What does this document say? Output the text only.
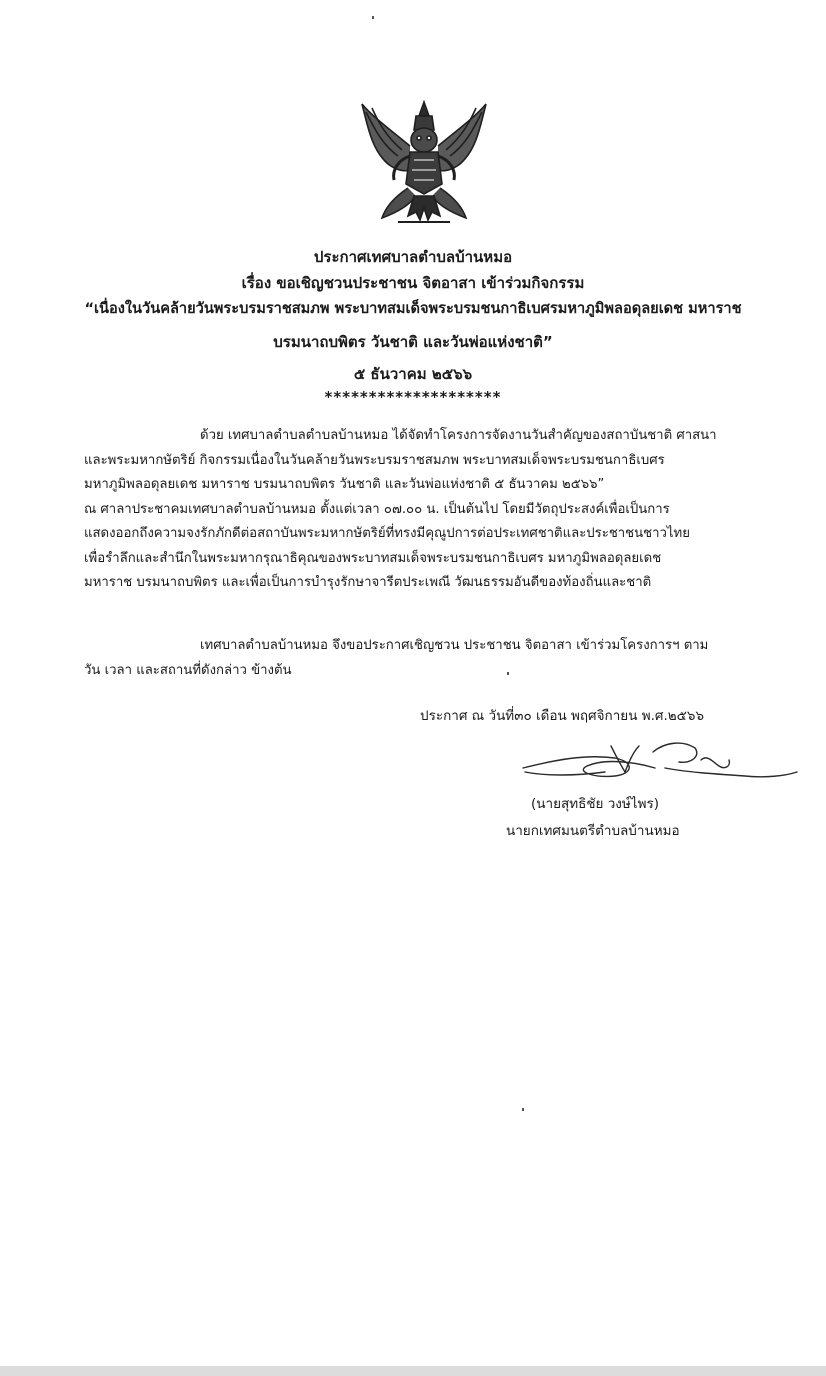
ประกาศเทศบาลตำบลบ้านหมอ
เรื่อง ขอเชิญชวนประชาชน จิตอาสา เข้าร่วมกิจกรรม
“เนื่องในวันคล้ายวันพระบรมราชสมภพ พระบาทสมเด็จพระบรมชนกาธิเบศรมหาภูมิพลอดุลยเดช มหาราช
บรมนาถบพิตร วันชาติ และวันพ่อแห่งชาติ”
๕ ธันวาคม ๒๕๖๖
********************
ด้วย เทศบาลตำบลตำบลบ้านหมอ ได้จัดทำโครงการจัดงานวันสำคัญของสถาบันชาติ ศาสนา
และพระมหากษัตริย์ กิจกรรมเนื่องในวันคล้ายวันพระบรมราชสมภพ พระบาทสมเด็จพระบรมชนกาธิเบศร
มหาภูมิพลอดุลยเดช มหาราช บรมนาถบพิตร วันชาติ และวันพ่อแห่งชาติ ๕ ธันวาคม ๒๕๖๖”
ณ ศาลาประชาคมเทศบาลตำบลบ้านหมอ ตั้งแต่เวลา ๐๗.๐๐ น. เป็นต้นไป โดยมีวัตถุประสงค์เพื่อเป็นการ
แสดงออกถึงความจงรักภักดีต่อสถาบันพระมหากษัตริย์ที่ทรงมีคุณูปการต่อประเทศชาติและประชาชนชาวไทย
เพื่อรำลึกและสำนึกในพระมหากรุณาธิคุณของพระบาทสมเด็จพระบรมชนกาธิเบศร มหาภูมิพลอดุลยเดช
มหาราช บรมนาถบพิตร และเพื่อเป็นการบำรุงรักษาจารีตประเพณี วัฒนธรรมอันดีของท้องถิ่นและชาติ
เทศบาลตำบลบ้านหมอ จึงขอประกาศเชิญชวน ประชาชน จิตอาสา เข้าร่วมโครงการฯ ตาม
วัน เวลา และสถานที่ดังกล่าว ข้างต้น
ประกาศ ณ วันที่๓๐ เดือน พฤศจิกายน พ.ศ.๒๕๖๖
(นายสุทธิชัย วงษ์ไพร)
นายกเทศมนตรีตำบลบ้านหมอ
